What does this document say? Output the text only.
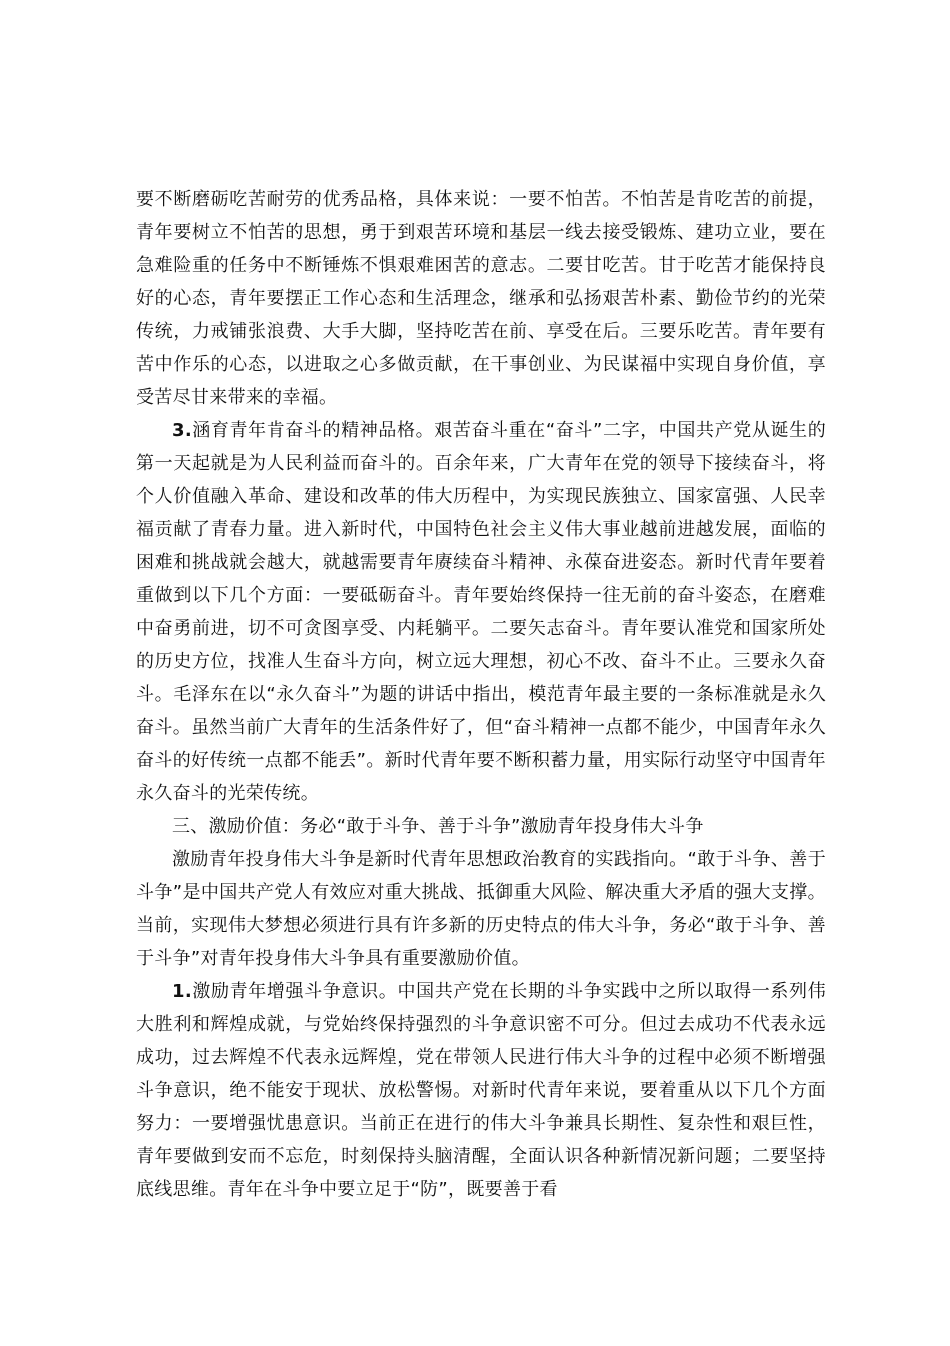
要不断磨砺吃苦耐劳的优秀品格，具体来说：一要不怕苦。不怕苦是肯吃苦的前提，青年要树立不怕苦的思想，勇于到艰苦环境和基层一线去接受锻炼、建功立业，要在急难险重的任务中不断锤炼不惧艰难困苦的意志。二要甘吃苦。甘于吃苦才能保持良好的心态，青年要摆正工作心态和生活理念，继承和弘扬艰苦朴素、勤俭节约的光荣传统，力戒铺张浪费、大手大脚，坚持吃苦在前、享受在后。三要乐吃苦。青年要有苦中作乐的心态，以进取之心多做贡献，在干事创业、为民谋福中实现自身价值，享受苦尽甘来带来的幸福。

3.涵育青年肯奋斗的精神品格。艰苦奋斗重在“奋斗”二字，中国共产党从诞生的第一天起就是为人民利益而奋斗的。百余年来，广大青年在党的领导下接续奋斗，将个人价值融入革命、建设和改革的伟大历程中，为实现民族独立、国家富强、人民幸福贡献了青春力量。进入新时代，中国特色社会主义伟大事业越前进越发展，面临的困难和挑战就会越大，就越需要青年赓续奋斗精神、永葆奋进姿态。新时代青年要着重做到以下几个方面：一要砥砺奋斗。青年要始终保持一往无前的奋斗姿态，在磨难中奋勇前进，切不可贪图享受、内耗躺平。二要矢志奋斗。青年要认准党和国家所处的历史方位，找准人生奋斗方向，树立远大理想，初心不改、奋斗不止。三要永久奋斗。毛泽东在以“永久奋斗”为题的讲话中指出，模范青年最主要的一条标准就是永久奋斗。虽然当前广大青年的生活条件好了，但“奋斗精神一点都不能少，中国青年永久奋斗的好传统一点都不能丢”。新时代青年要不断积蓄力量，用实际行动坚守中国青年永久奋斗的光荣传统。

三、激励价值：务必“敢于斗争、善于斗争”激励青年投身伟大斗争

激励青年投身伟大斗争是新时代青年思想政治教育的实践指向。“敢于斗争、善于斗争”是中国共产党人有效应对重大挑战、抵御重大风险、解决重大矛盾的强大支撑。当前，实现伟大梦想必须进行具有许多新的历史特点的伟大斗争，务必“敢于斗争、善于斗争”对青年投身伟大斗争具有重要激励价值。

1.激励青年增强斗争意识。中国共产党在长期的斗争实践中之所以取得一系列伟大胜利和辉煌成就，与党始终保持强烈的斗争意识密不可分。但过去成功不代表永远成功，过去辉煌不代表永远辉煌，党在带领人民进行伟大斗争的过程中必须不断增强斗争意识，绝不能安于现状、放松警惕。对新时代青年来说，要着重从以下几个方面努力：一要增强忧患意识。当前正在进行的伟大斗争兼具长期性、复杂性和艰巨性，青年要做到安而不忘危，时刻保持头脑清醒，全面认识各种新情况新问题；二要坚持底线思维。青年在斗争中要立足于“防”，既要善于看
